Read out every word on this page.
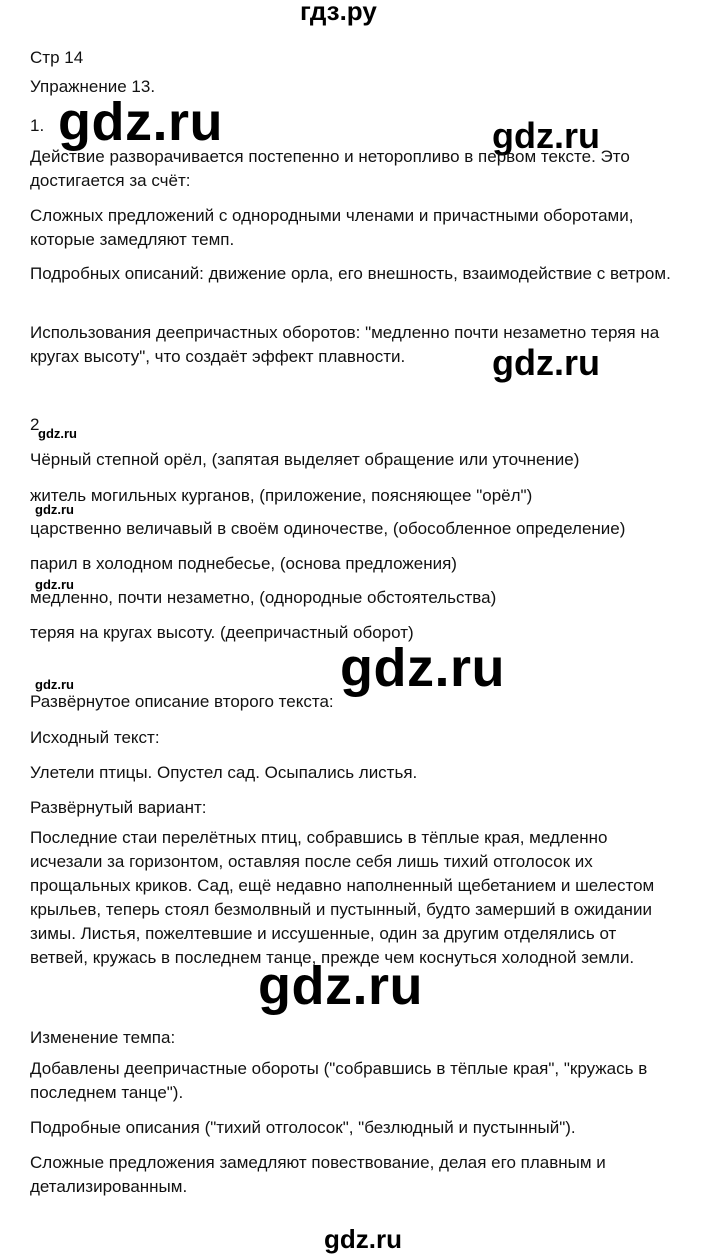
гдз.ру
Стр 14
Упражнение 13.
1. gdz.ru	gdz.ru
Действие разворачивается постепенно и неторопливо в первом тексте. Это достигается за счёт:
Сложных предложений с однородными членами и причастными оборотами, которые замедляют темп.
Подробных описаний: движение орла, его внешность, взаимодействие с ветром.
Использования деепричастных оборотов: "медленно почти незаметно теряя на кругах высоту", что создаёт эффект плавности.	gdz.ru
2
gdz.ru
Чёрный степной орёл, (запятая выделяет обращение или уточнение)
житель могильных курганов, (приложение, поясняющее "орёл")
gdz.ru
царственно величавый в своём одиночестве, (обособленное определение)
парил в холодном поднебесье, (основа предложения)
gdz.ru
медленно, почти незаметно, (однородные обстоятельства)
теряя на кругах высоту. (деепричастный оборот)
gdz.ru
gdz.ru
Развёрнутое описание второго текста:
Исходный текст:
Улетели птицы. Опустел сад. Осыпались листья.
Развёрнутый вариант:
Последние стаи перелётных птиц, собравшись в тёплые края, медленно исчезали за горизонтом, оставляя после себя лишь тихий отголосок их прощальных криков. Сад, ещё недавно наполненный щебетанием и шелестом крыльев, теперь стоял безмолвный и пустынный, будто замерший в ожидании зимы. Листья, пожелтевшие и иссушенные, один за другим отделялись от ветвей, кружась в последнем танце, прежде чем коснуться холодной земли.
gdz.ru
Изменение темпа:
Добавлены деепричастные обороты ("собравшись в тёплые края", "кружась в последнем танце").
Подробные описания ("тихий отголосок", "безлюдный и пустынный").
Сложные предложения замедляют повествование, делая его плавным и детализированным.
gdz.ru
